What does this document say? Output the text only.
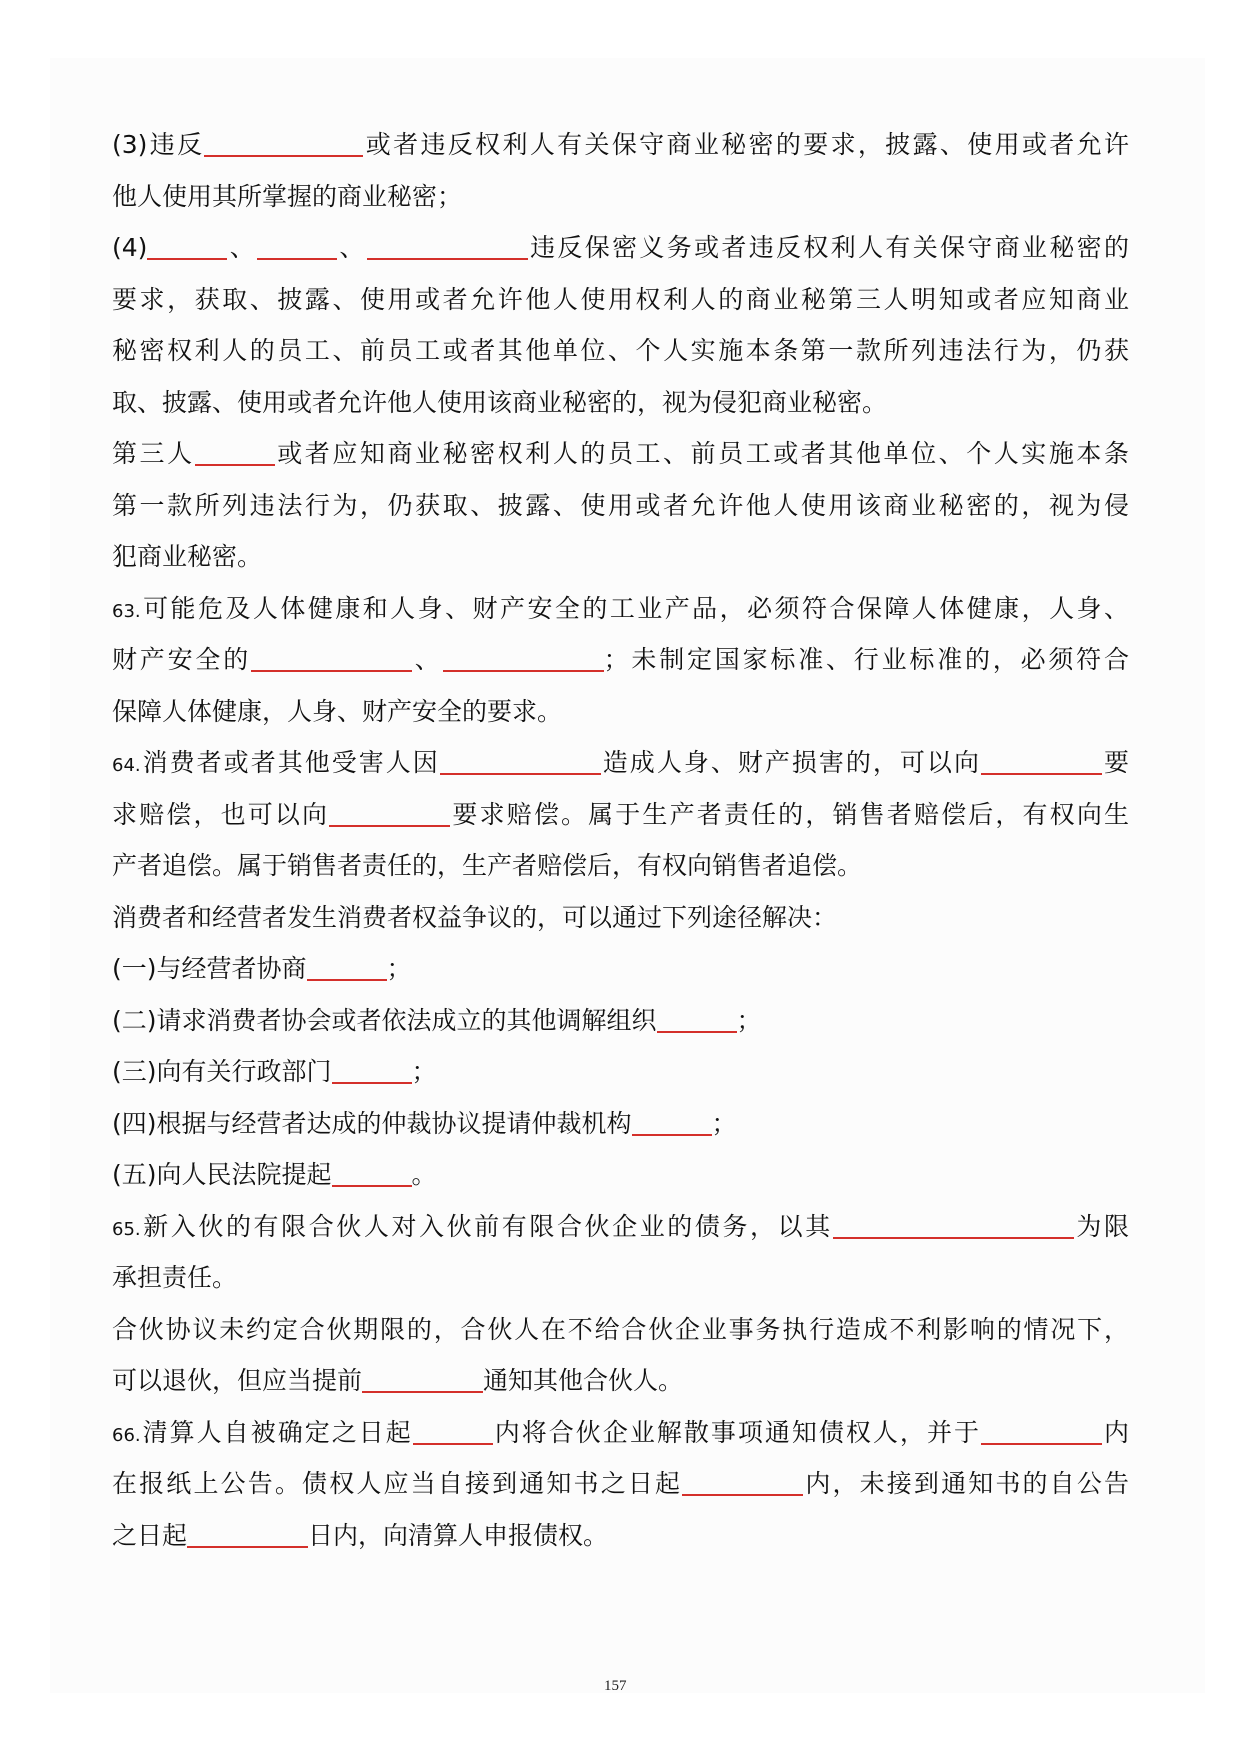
(3)违反	或者违反权利人有关保守商业秘密的要求，披露、使用或者允许
他人使用其所掌握的商业秘密；
(4)	、	、	违反保密义务或者违反权利人有关保守商业秘密的
要求，获取、披露、使用或者允许他人使用权利人的商业秘第三人明知或者应知商业
秘密权利人的员工、前员工或者其他单位、个人实施本条第一款所列违法行为，仍获
取、披露、使用或者允许他人使用该商业秘密的，视为侵犯商业秘密。
第三人	或者应知商业秘密权利人的员工、前员工或者其他单位、个人实施本条
第一款所列违法行为，仍获取、披露、使用或者允许他人使用该商业秘密的，视为侵
犯商业秘密。
63.可能危及人体健康和人身、财产安全的工业产品，必须符合保障人体健康，人身、
财产安全的	、	；未制定国家标准、行业标准的，必须符合
保障人体健康，人身、财产安全的要求。
64.消费者或者其他受害人因	造成人身、财产损害的，可以向	要
求赔偿，也可以向	要求赔偿。属于生产者责任的，销售者赔偿后，有权向生
产者追偿。属于销售者责任的，生产者赔偿后，有权向销售者追偿。
消费者和经营者发生消费者权益争议的，可以通过下列途径解决：
(一)与经营者协商	；
(二)请求消费者协会或者依法成立的其他调解组织	；
(三)向有关行政部门	；
(四)根据与经营者达成的仲裁协议提请仲裁机构	；
(五)向人民法院提起	。
65.新入伙的有限合伙人对入伙前有限合伙企业的债务，以其	为限
承担责任。
合伙协议未约定合伙期限的，合伙人在不给合伙企业事务执行造成不利影响的情况下，
可以退伙，但应当提前	通知其他合伙人。
66.清算人自被确定之日起	内将合伙企业解散事项通知债权人，并于	内
在报纸上公告。债权人应当自接到通知书之日起	内，未接到通知书的自公告
之日起	日内，向清算人申报债权。
157
